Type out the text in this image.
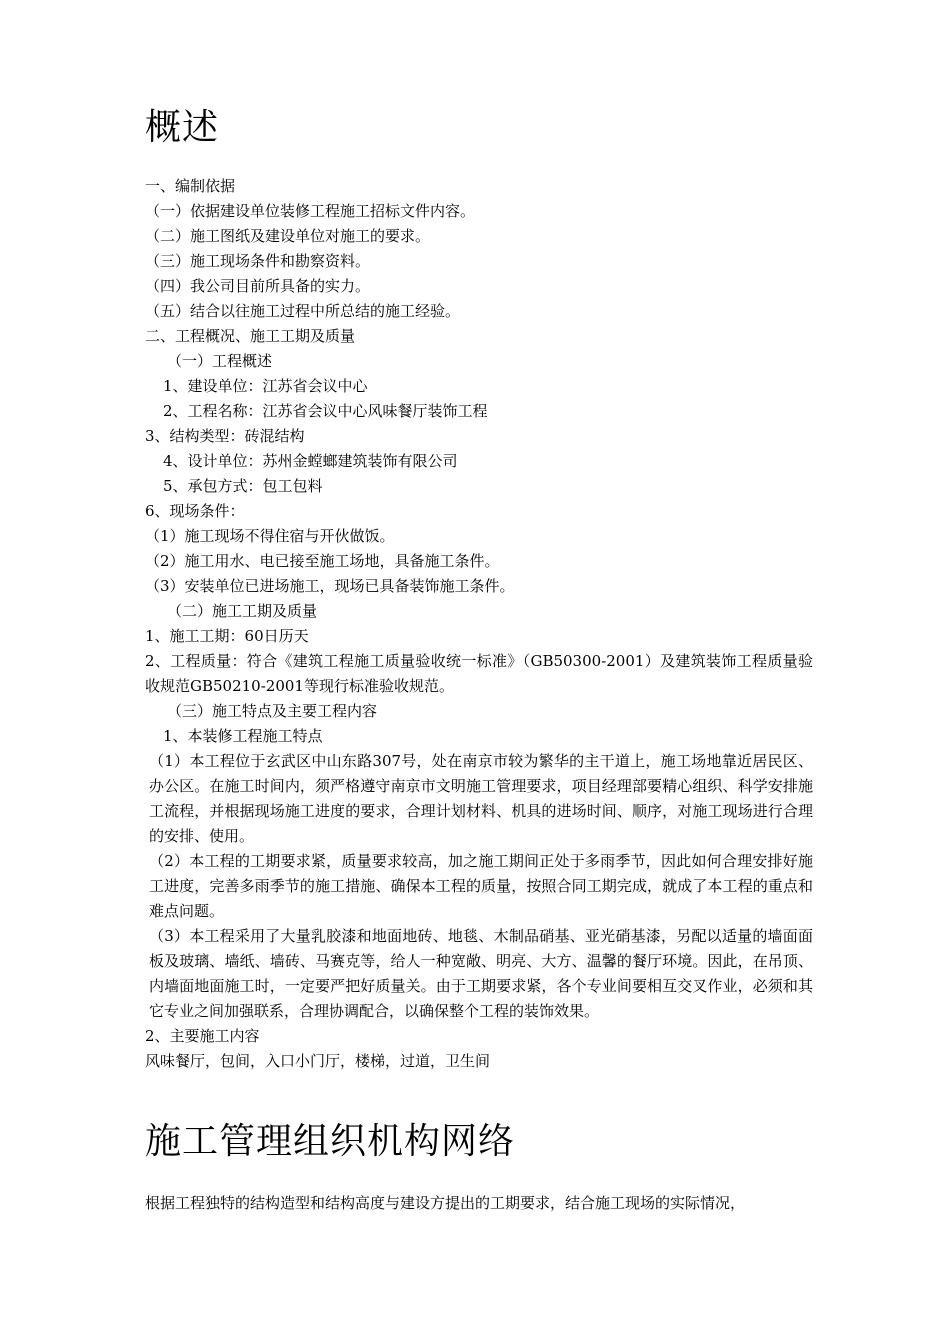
概述
一、编制依据
（一）依据建设单位装修工程施工招标文件内容。
（二）施工图纸及建设单位对施工的要求。
（三）施工现场条件和勘察资料。
（四）我公司目前所具备的实力。
（五）结合以往施工过程中所总结的施工经验。
二、工程概况、施工工期及质量
（一）工程概述
1、建设单位：江苏省会议中心
2、工程名称：江苏省会议中心风味餐厅装饰工程
3、结构类型：砖混结构
4、设计单位：苏州金螳螂建筑装饰有限公司
5、承包方式：包工包料
6、现场条件：
（1）施工现场不得住宿与开伙做饭。
（2）施工用水、电已接至施工场地，具备施工条件。
（3）安装单位已进场施工，现场已具备装饰施工条件。
（二）施工工期及质量
1、施工工期：60日历天

2、工程质量：符合《建筑工程施工质量验收统一标准》（GB50300-2001）及建筑装饰工程质量验收规范GB50210-2001等现行标准验收规范。

（三）施工特点及主要工程内容
1、本装修工程施工特点

（1）本工程位于玄武区中山东路307号，处在南京市较为繁华的主干道上，施工场地靠近居民区、办公区。在施工时间内，须严格遵守南京市文明施工管理要求，项目经理部要精心组织、科学安排施工流程，并根据现场施工进度的要求，合理计划材料、机具的进场时间、顺序，对施工现场进行合理的安排、使用。

（2）本工程的工期要求紧，质量要求较高，加之施工期间正处于多雨季节，因此如何合理安排好施工进度，完善多雨季节的施工措施、确保本工程的质量，按照合同工期完成，就成了本工程的重点和难点问题。

（3）本工程采用了大量乳胶漆和地面地砖、地毯、木制品硝基、亚光硝基漆，另配以适量的墙面面板及玻璃、墙纸、墙砖、马赛克等，给人一种宽敞、明亮、大方、温馨的餐厅环境。因此，在吊顶、内墙面地面施工时，一定要严把好质量关。由于工期要求紧，各个专业间要相互交叉作业，必须和其它专业之间加强联系，合理协调配合，以确保整个工程的装饰效果。

2、主要施工内容
风味餐厅，包间，入口小门厅，楼梯，过道，卫生间
施工管理组织机构网络
根据工程独特的结构造型和结构高度与建设方提出的工期要求，结合施工现场的实际情况，
